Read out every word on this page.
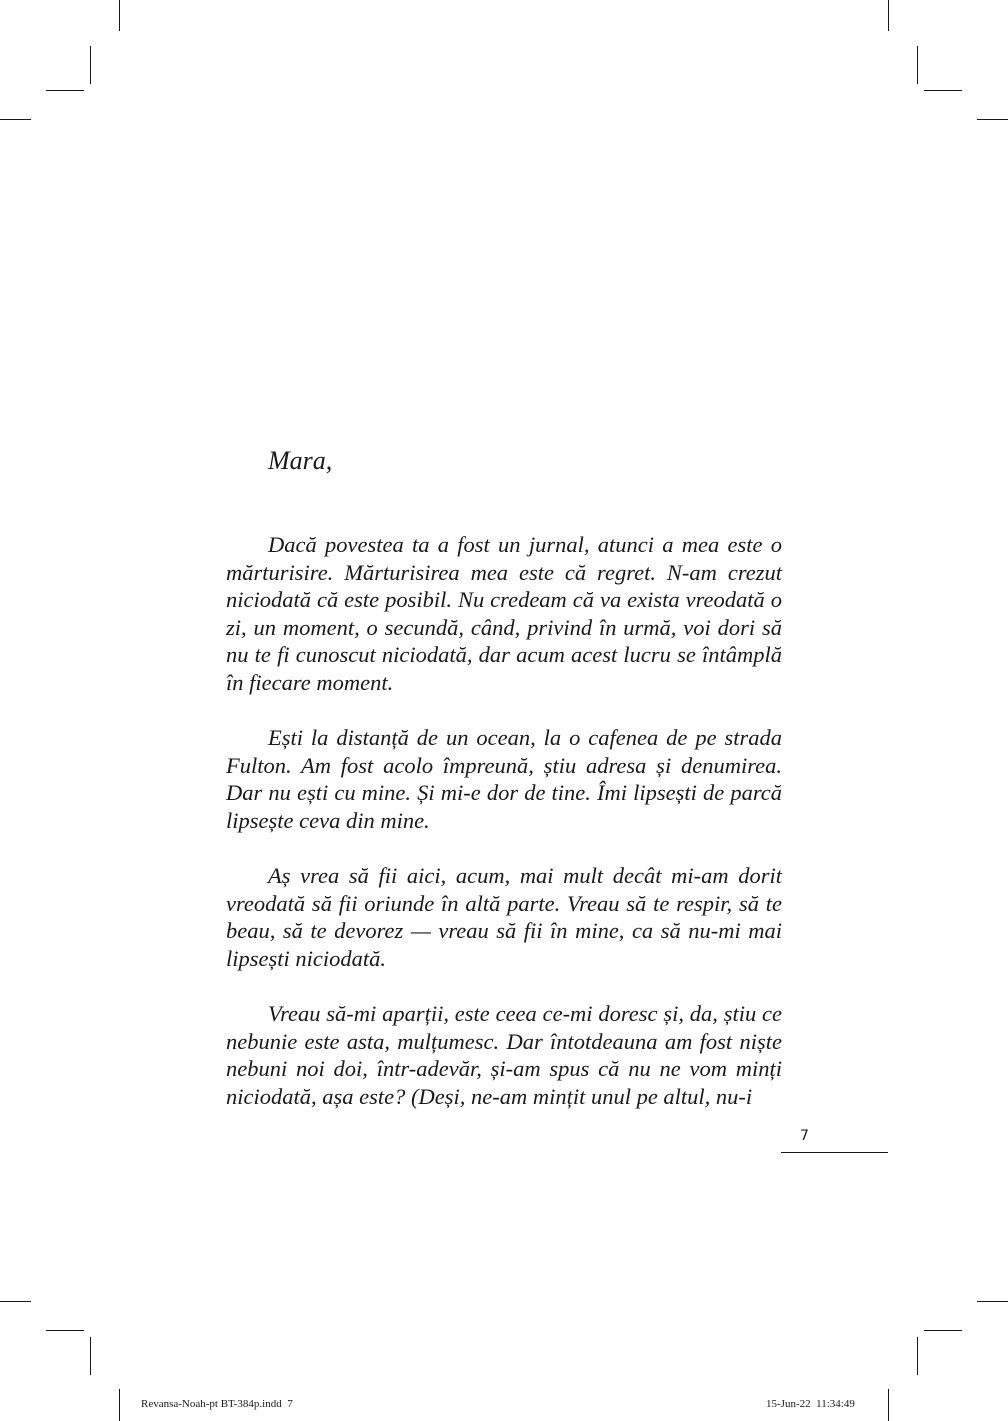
Mara,

Dacă povestea ta a fost un jurnal, atunci a mea este o mărturisire. Mărturisirea mea este că regret. N-am crezut niciodată că este posibil. Nu credeam că va exista vreodată o zi, un moment, o secundă, când, privind în urmă, voi dori să nu te fi cunoscut niciodată, dar acum acest lucru se întâmplă în fiecare moment.

Ești la distanță de un ocean, la o cafenea de pe strada Fulton. Am fost acolo împreună, știu adresa și denumirea. Dar nu ești cu mine. Și mi-e dor de tine. Îmi lipsești de parcă lipsește ceva din mine.

Aș vrea să fii aici, acum, mai mult decât mi-am dorit vreodată să fii oriunde în altă parte. Vreau să te respir, să te beau, să te devorez — vreau să fii în mine, ca să nu-mi mai lipsești niciodată.

Vreau să-mi aparții, este ceea ce-mi doresc și, da, știu ce nebunie este asta, mulțumesc. Dar întotdeauna am fost niște nebuni noi doi, într-adevăr, și-am spus că nu ne vom minți niciodată, așa este? (Deși, ne-am mințit unul pe altul, nu-i

7
Revansa-Noah-pt BT-384p.indd 7	15-Jun-22 11:34:49
